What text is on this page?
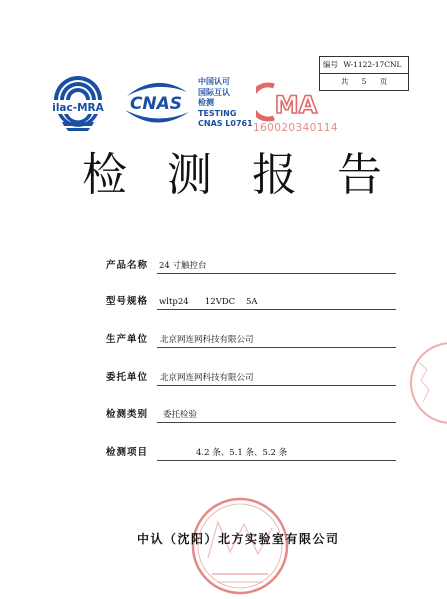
编号 W-1122-17CNL
共 5 页
ilac-MRA CNAS
中国认可
国际互认
检测
TESTING
CNAS L0761
MA
160020340114
检 测 报 告
产品名称 24 寸触控台
型号规格 wltp24      12VDC    5A
生产单位 北京网连网科技有限公司
委托单位 北京网连网科技有限公司
检测类别 委托检验
检测项目	4.2 条、5.1 条、5.2 条
中认（沈阳）北方实验室有限公司
